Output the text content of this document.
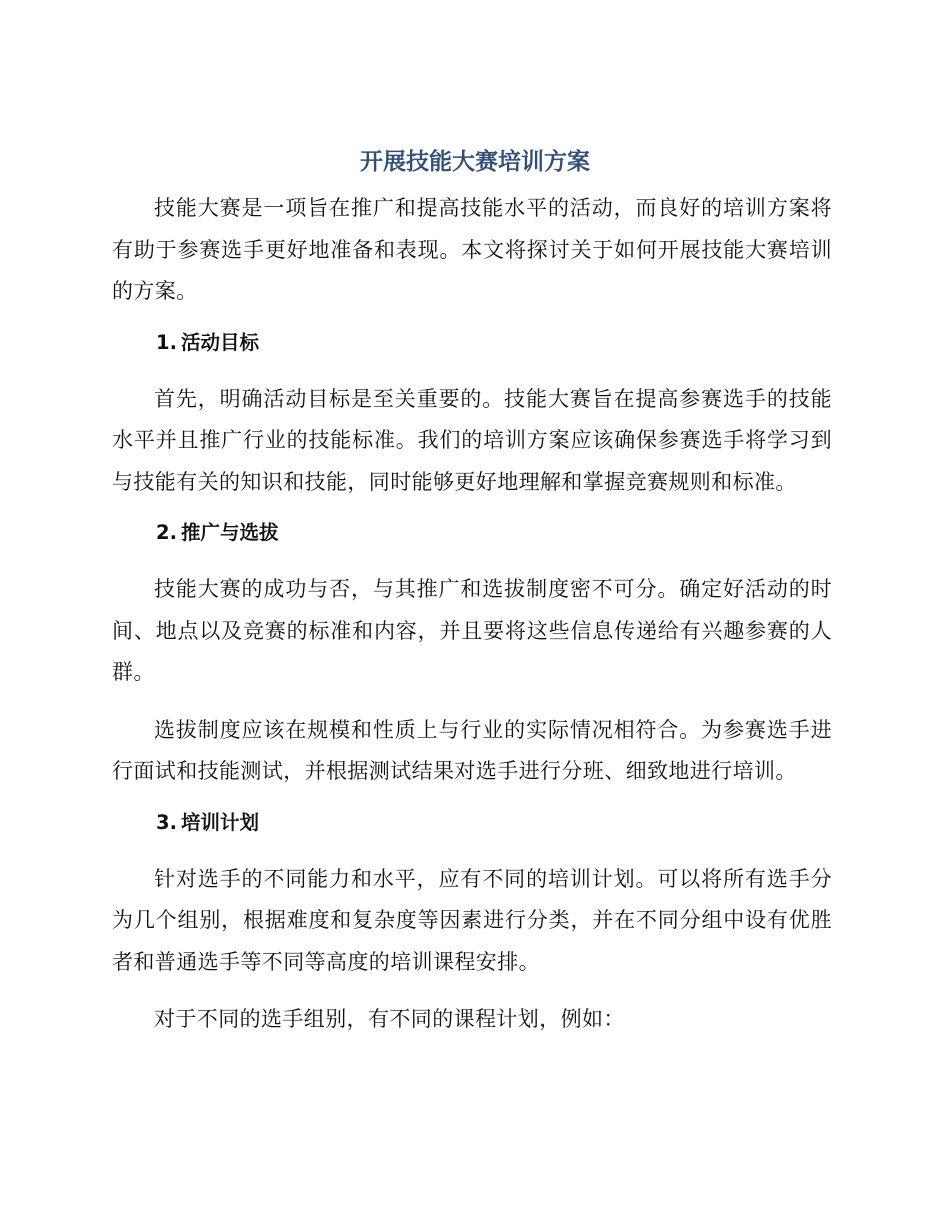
开展技能大赛培训方案

技能大赛是一项旨在推广和提高技能水平的活动，而良好的培训方案将有助于参赛选手更好地准备和表现。本文将探讨关于如何开展技能大赛培训的方案。

1. 活动目标

首先，明确活动目标是至关重要的。技能大赛旨在提高参赛选手的技能水平并且推广行业的技能标准。我们的培训方案应该确保参赛选手将学习到与技能有关的知识和技能，同时能够更好地理解和掌握竞赛规则和标准。

2. 推广与选拔

技能大赛的成功与否，与其推广和选拔制度密不可分。确定好活动的时间、地点以及竞赛的标准和内容，并且要将这些信息传递给有兴趣参赛的人群。

选拔制度应该在规模和性质上与行业的实际情况相符合。为参赛选手进行面试和技能测试，并根据测试结果对选手进行分班、细致地进行培训。

3. 培训计划

针对选手的不同能力和水平，应有不同的培训计划。可以将所有选手分为几个组别，根据难度和复杂度等因素进行分类，并在不同分组中设有优胜者和普通选手等不同等高度的培训课程安排。

对于不同的选手组别，有不同的课程计划，例如：
